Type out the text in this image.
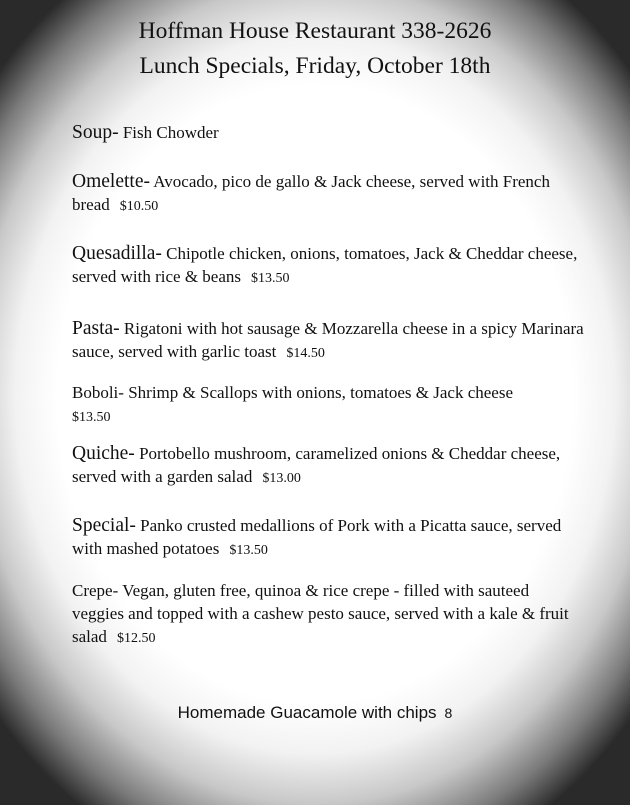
Hoffman House Restaurant 338-2626
Lunch Specials, Friday, October 18th
Soup- Fish Chowder
Omelette- Avocado, pico de gallo & Jack cheese, served with French bread $10.50
Quesadilla- Chipotle chicken, onions, tomatoes, Jack & Cheddar cheese, served with rice & beans $13.50
Pasta- Rigatoni with hot sausage & Mozzarella cheese in a spicy Marinara sauce, served with garlic toast $14.50
Boboli- Shrimp & Scallops with onions, tomatoes & Jack cheese
$13.50
Quiche- Portobello mushroom, caramelized onions & Cheddar cheese, served with a garden salad $13.00
Special- Panko crusted medallions of Pork with a Picatta sauce, served with mashed potatoes $13.50
Crepe- Vegan, gluten free, quinoa & rice crepe - filled with sauteed veggies and topped with a cashew pesto sauce, served with a kale & fruit salad $12.50
Homemade Guacamole with chips 8
